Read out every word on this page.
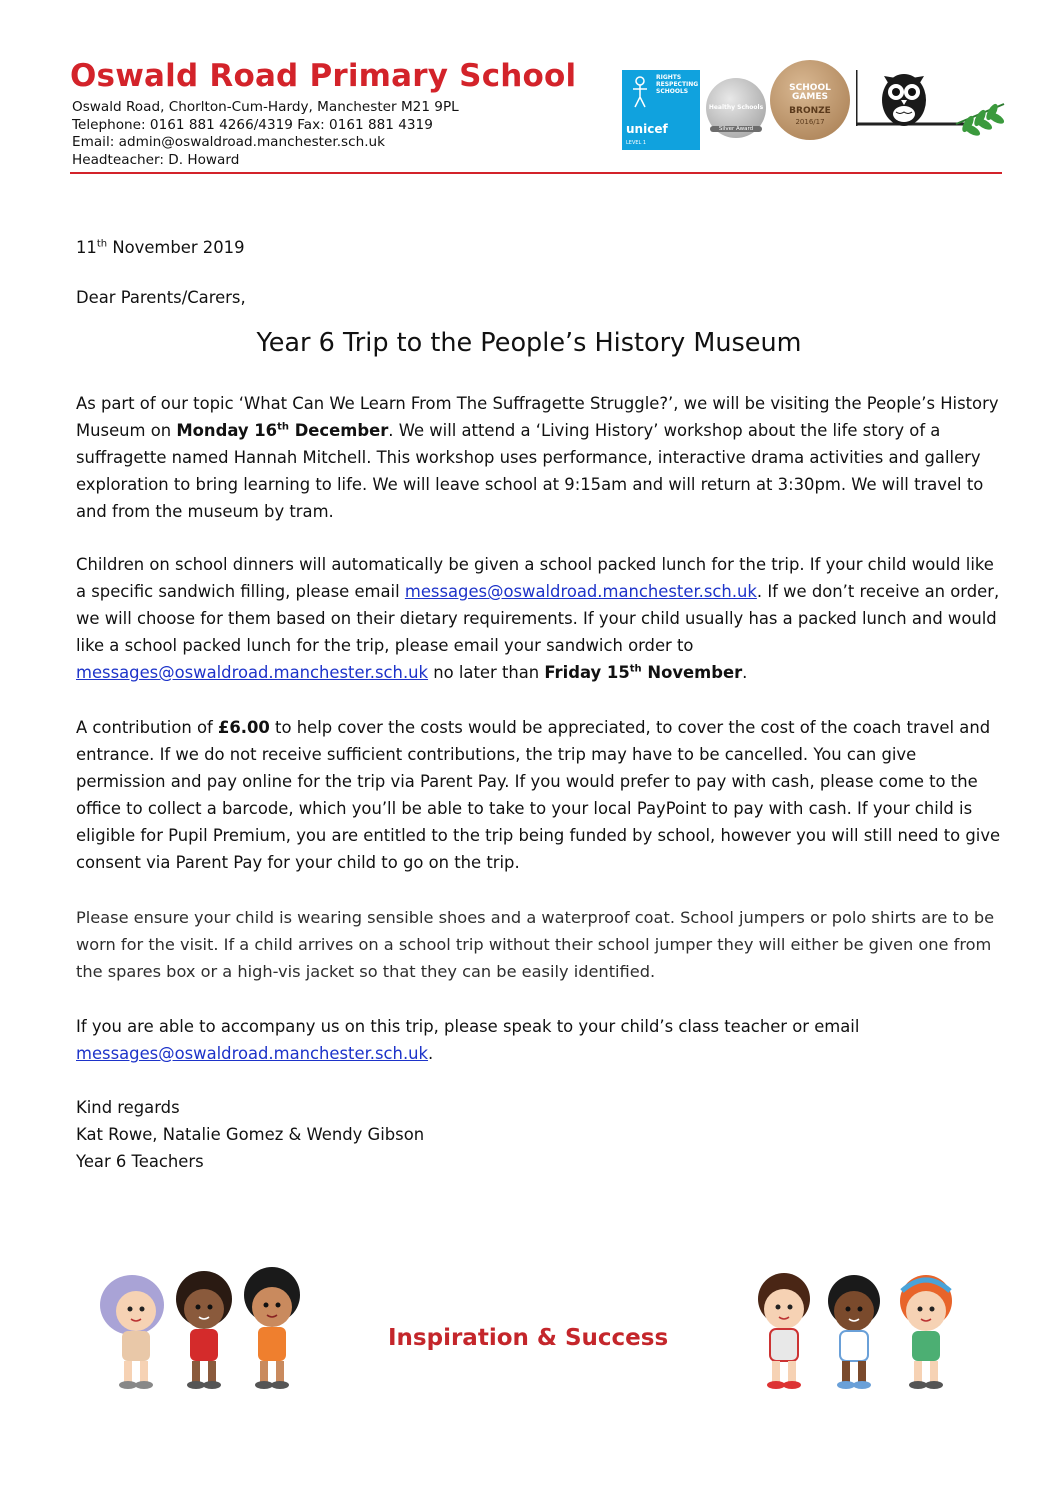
Oswald Road Primary School
Oswald Road, Chorlton-Cum-Hardy, Manchester M21 9PL
Telephone: 0161 881 4266/4319 Fax: 0161 881 4319
Email: admin@oswaldroad.manchester.sch.uk
Headteacher: D. Howard
RIGHTS RESPECTING SCHOOLS
unicef
LEVEL 1
Healthy Schools
Silver Award
SCHOOL GAMES
BRONZE
2016/17
11th November 2019
Dear Parents/Carers,
Year 6 Trip to the People’s History Museum
As part of our topic ‘What Can We Learn From The Suffragette Struggle?’, we will be visiting the People’s History Museum on Monday 16th December. We will attend a ‘Living History’ workshop about the life story of a suffragette named Hannah Mitchell. This workshop uses performance, interactive drama activities and gallery exploration to bring learning to life. We will leave school at 9:15am and will return at 3:30pm. We will travel to and from the museum by tram.
Children on school dinners will automatically be given a school packed lunch for the trip. If your child would like a specific sandwich filling, please email messages@oswaldroad.manchester.sch.uk. If we don’t receive an order, we will choose for them based on their dietary requirements. If your child usually has a packed lunch and would like a school packed lunch for the trip, please email your sandwich order to messages@oswaldroad.manchester.sch.uk no later than Friday 15th November.
A contribution of £6.00 to help cover the costs would be appreciated, to cover the cost of the coach travel and entrance. If we do not receive sufficient contributions, the trip may have to be cancelled. You can give permission and pay online for the trip via Parent Pay. If you would prefer to pay with cash, please come to the office to collect a barcode, which you’ll be able to take to your local PayPoint to pay with cash. If your child is eligible for Pupil Premium, you are entitled to the trip being funded by school, however you will still need to give consent via Parent Pay for your child to go on the trip.
Please ensure your child is wearing sensible shoes and a waterproof coat. School jumpers or polo shirts are to be worn for the visit. If a child arrives on a school trip without their school jumper they will either be given one from the spares box or a high-vis jacket so that they can be easily identified.
If you are able to accompany us on this trip, please speak to your child’s class teacher or email messages@oswaldroad.manchester.sch.uk.
Kind regards
Kat Rowe, Natalie Gomez & Wendy Gibson
Year 6 Teachers
Inspiration & Success
